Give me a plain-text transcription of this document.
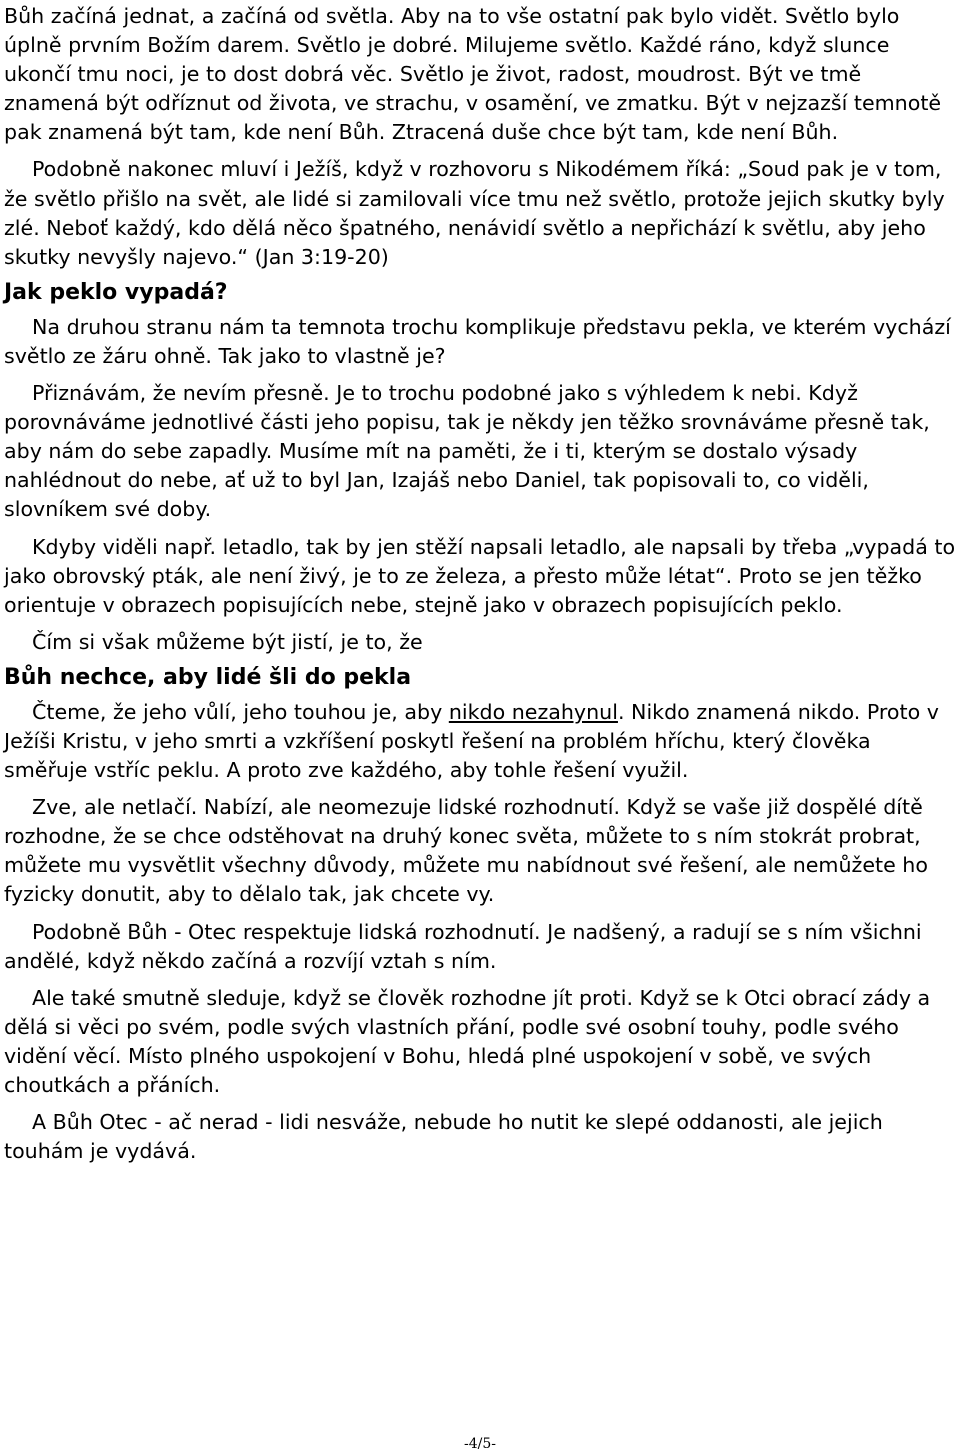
Bůh začíná jednat, a začíná od světla. Aby na to vše ostatní pak bylo vidět. Světlo bylo úplně prvním Božím darem. Světlo je dobré. Milujeme světlo. Každé ráno, když slunce ukončí tmu noci, je to dost dobrá věc. Světlo je život, radost, moudrost. Být ve tmě znamená být odříznut od života, ve strachu, v osamění, ve zmatku. Být v nejzazší temnotě pak znamená být tam, kde není Bůh. Ztracená duše chce být tam, kde není Bůh.

Podobně nakonec mluví i Ježíš, když v rozhovoru s Nikodémem říká: „Soud pak je v tom, že světlo přišlo na svět, ale lidé si zamilovali více tmu než světlo, protože jejich skutky byly zlé. Neboť každý, kdo dělá něco špatného, nenávidí světlo a nepřichází k světlu, aby jeho skutky nevyšly najevo.“ (Jan 3:19-20)

Jak peklo vypadá?

Na druhou stranu nám ta temnota trochu komplikuje představu pekla, ve kterém vychází světlo ze žáru ohně. Tak jako to vlastně je?

Přiznávám, že nevím přesně. Je to trochu podobné jako s výhledem k nebi. Když porovnáváme jednotlivé části jeho popisu, tak je někdy jen těžko srovnáváme přesně tak, aby nám do sebe zapadly. Musíme mít na paměti, že i ti, kterým se dostalo výsady nahlédnout do nebe, ať už to byl Jan, Izajáš nebo Daniel, tak popisovali to, co viděli, slovníkem své doby.

Kdyby viděli např. letadlo, tak by jen stěží napsali letadlo, ale napsali by třeba „vypadá to jako obrovský pták, ale není živý, je to ze železa, a přesto může létat“. Proto se jen těžko orientuje v obrazech popisujících nebe, stejně jako v obrazech popisujících peklo.

Čím si však můžeme být jistí, je to, že

Bůh nechce, aby lidé šli do pekla

Čteme, že jeho vůlí, jeho touhou je, aby nikdo nezahynul. Nikdo znamená nikdo. Proto v Ježíši Kristu, v jeho smrti a vzkříšení poskytl řešení na problém hříchu, který člověka směřuje vstříc peklu. A proto zve každého, aby tohle řešení využil.

Zve, ale netlačí. Nabízí, ale neomezuje lidské rozhodnutí. Když se vaše již dospělé dítě rozhodne, že se chce odstěhovat na druhý konec světa, můžete to s ním stokrát probrat, můžete mu vysvětlit všechny důvody, můžete mu nabídnout své řešení, ale nemůžete ho fyzicky donutit, aby to dělalo tak, jak chcete vy.

Podobně Bůh - Otec respektuje lidská rozhodnutí. Je nadšený, a radují se s ním všichni andělé, když někdo začíná a rozvíjí vztah s ním.

Ale také smutně sleduje, když se člověk rozhodne jít proti. Když se k Otci obrací zády a dělá si věci po svém, podle svých vlastních přání, podle své osobní touhy, podle svého vidění věcí. Místo plného uspokojení v Bohu, hledá plné uspokojení v sobě, ve svých choutkách a přáních.

A Bůh Otec - ač nerad - lidi nesváže, nebude ho nutit ke slepé oddanosti, ale jejich touhám je vydává.

-4/5-
